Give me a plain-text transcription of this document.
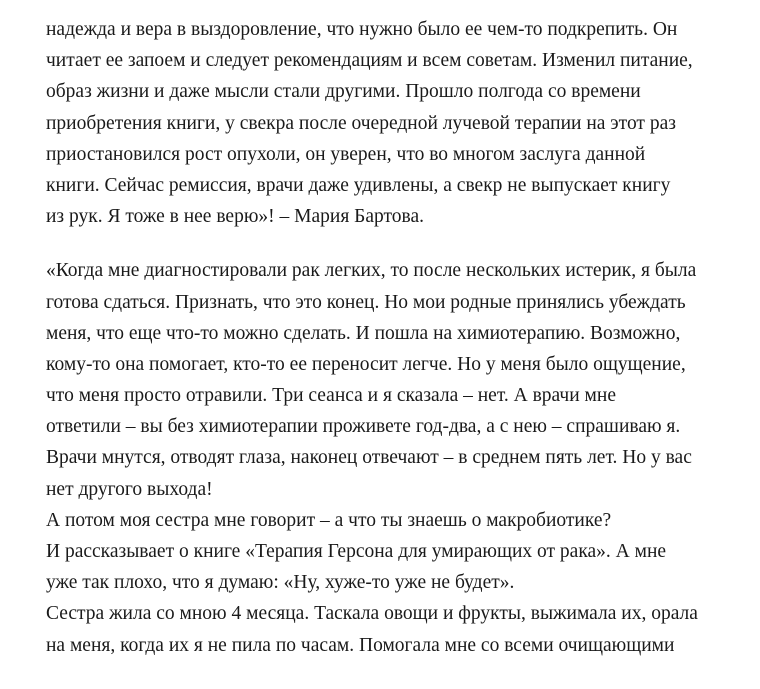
надежда и вера в выздоровление, что нужно было ее чем-то подкрепить. Он
читает ее запоем и следует рекомендациям и всем советам. Изменил питание,
образ жизни и даже мысли стали другими. Прошло полгода со времени
приобретения книги, у свекра после очередной лучевой терапии на этот раз
приостановился рост опухоли, он уверен, что во многом заслуга данной
книги. Сейчас ремиссия, врачи даже удивлены, а свекр не выпускает книгу
из рук. Я тоже в нее верю»! – Мария Бартова.
«Когда мне диагностировали рак легких, то после нескольких истерик, я была
готова сдаться. Признать, что это конец. Но мои родные принялись убеждать
меня, что еще что-то можно сделать. И пошла на химиотерапию. Возможно,
кому-то она помогает, кто-то ее переносит легче. Но у меня было ощущение,
что меня просто отравили. Три сеанса и я сказала – нет. А врачи мне
ответили – вы без химиотерапии проживете год-два, а с нею – спрашиваю я.
Врачи мнутся, отводят глаза, наконец отвечают – в среднем пять лет. Но у вас
нет другого выхода!
А потом моя сестра мне говорит – а что ты знаешь о макробиотике?
И рассказывает о книге «Терапия Герсона для умирающих от рака». А мне
уже так плохо, что я думаю: «Ну, хуже-то уже не будет».
Сестра жила со мною 4 месяца. Таскала овощи и фрукты, выжимала их, орала
на меня, когда их я не пила по часам. Помогала мне со всеми очищающими
